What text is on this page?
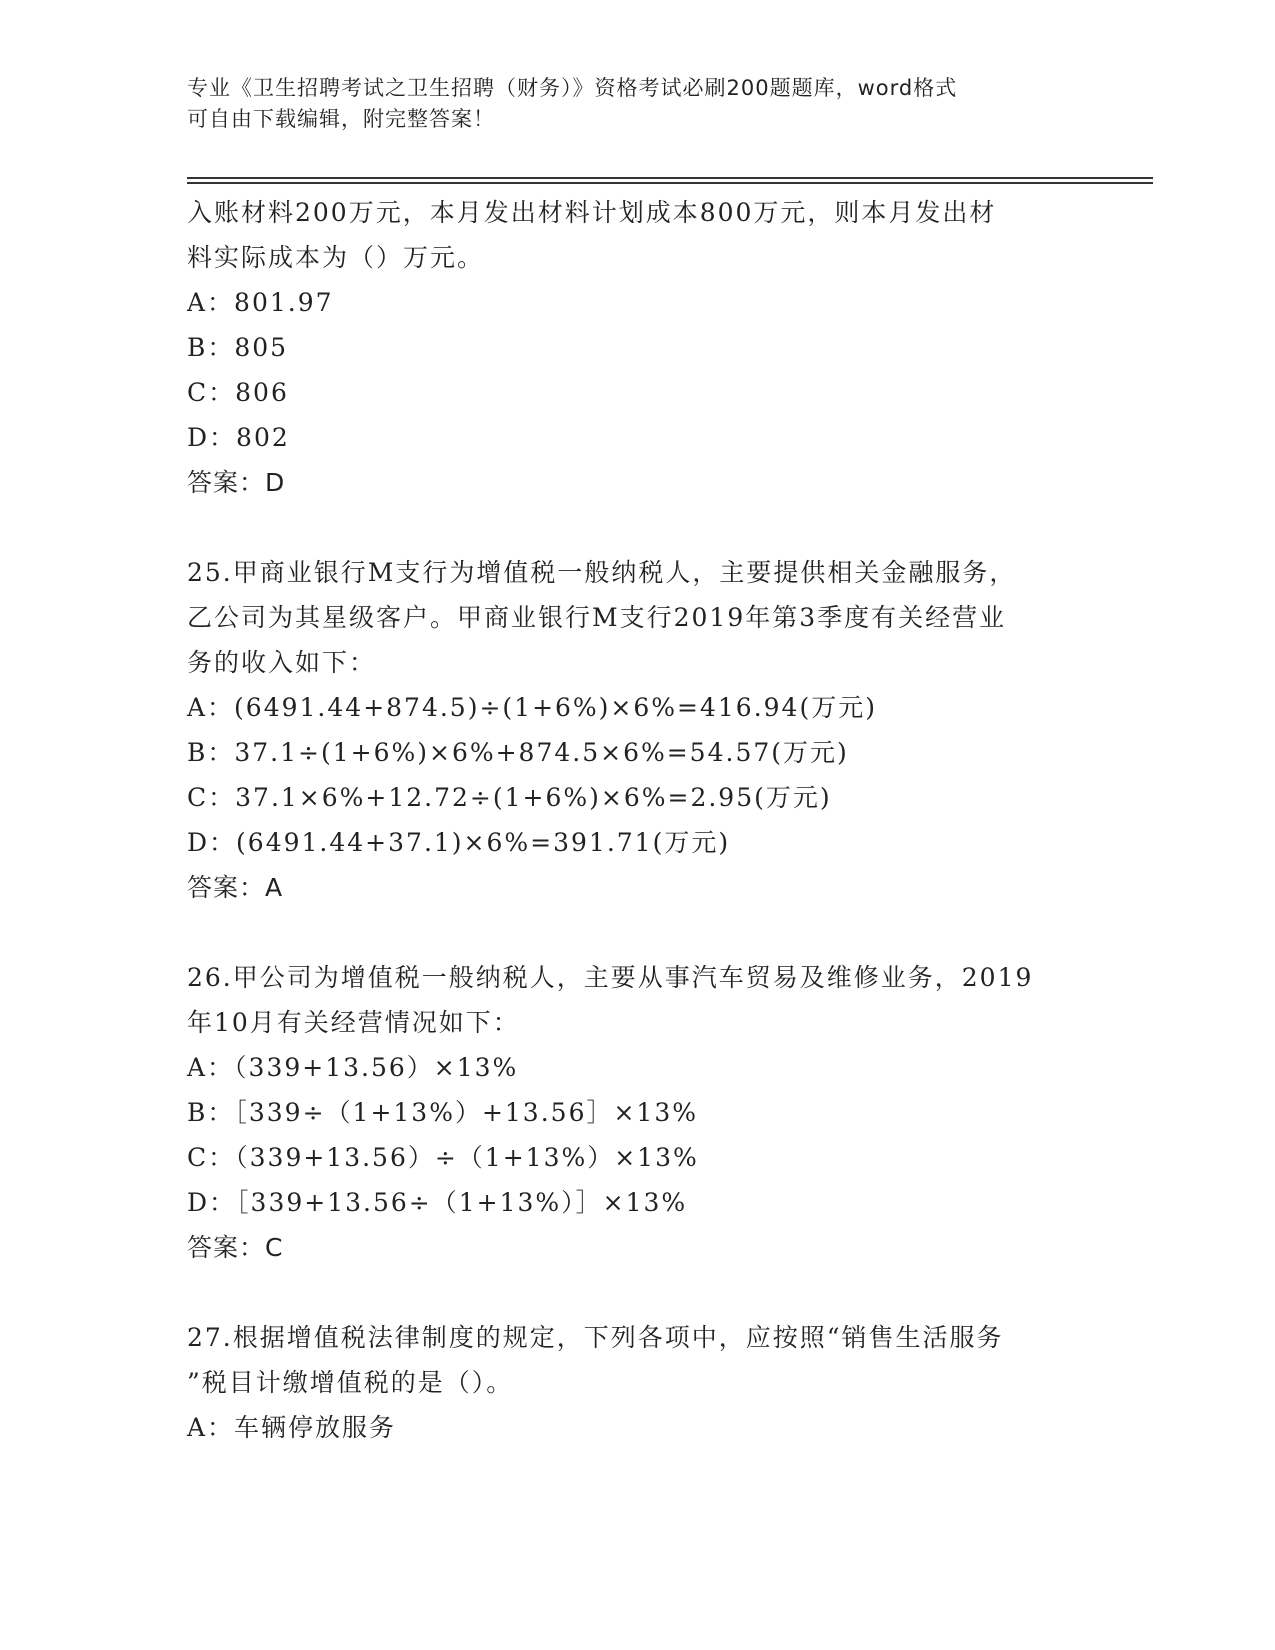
专业《卫生招聘考试之卫生招聘（财务）》资格考试必刷200题题库，word格式
可自由下载编辑，附完整答案！
入账材料200万元，本月发出材料计划成本800万元，则本月发出材
料实际成本为（）万元。
A：801.97
B：805
C：806
D：802
答案：D
25.甲商业银行M支行为增值税一般纳税人，主要提供相关金融服务，
乙公司为其星级客户。甲商业银行M支行2019年第3季度有关经营业
务的收入如下：
A：(6491.44+874.5)÷(1+6%)×6%=416.94(万元)
B：37.1÷(1+6%)×6%+874.5×6%=54.57(万元)
C：37.1×6%+12.72÷(1+6%)×6%=2.95(万元)
D：(6491.44+37.1)×6%=391.71(万元)
答案：A
26.甲公司为增值税一般纳税人，主要从事汽车贸易及维修业务，2019
年10月有关经营情况如下：
A：（339+13.56）×13%
B：［339÷（1+13%）+13.56］×13%
C：（339+13.56）÷（1+13%）×13%
D：［339+13.56÷（1+13%）］×13%
答案：C
27.根据增值税法律制度的规定，下列各项中，应按照“销售生活服务
”税目计缴增值税的是（）。
A：车辆停放服务
